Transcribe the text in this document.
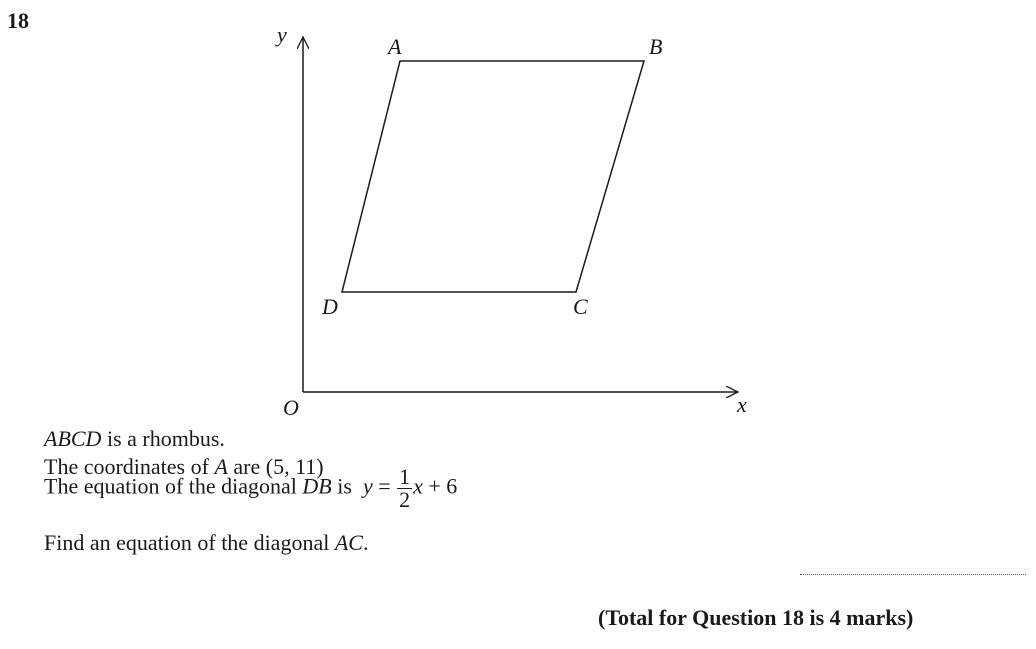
18
y
x
O
A	B
C
D
ABCD is a rhombus.
The coordinates of A are (5, 11)
The equation of the diagonal DB is  $y = \frac{1}{2}$ x + 6
Find an equation of the diagonal AC.
(Total for Question 18 is 4 marks)
